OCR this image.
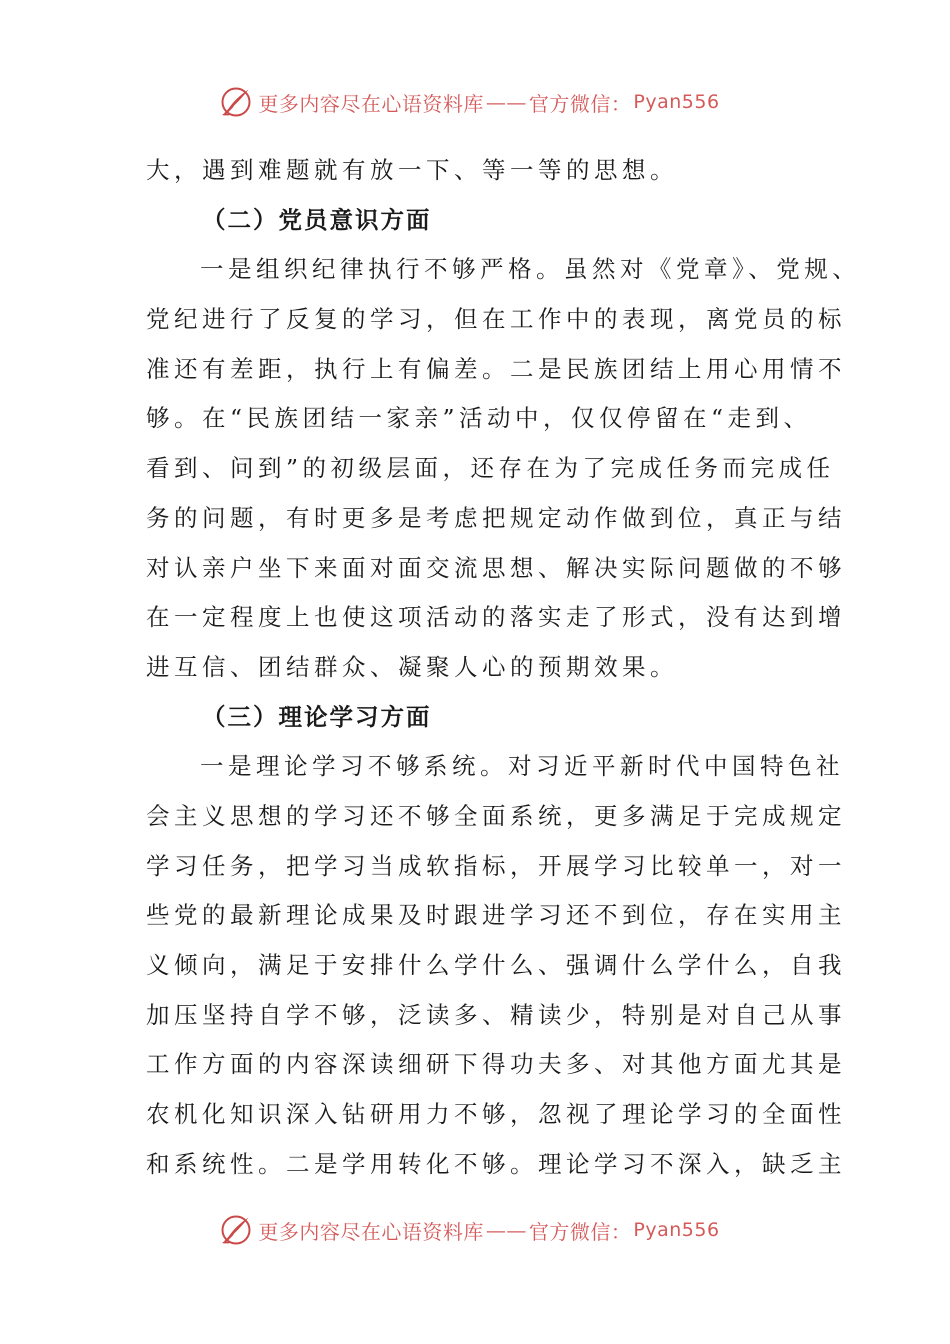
更多内容尽在心语资料库 —— 官方微信： Pyan556
大，遇到难题就有放一下、等一等的思想。
（二）党员意识方面
一是组织纪律执行不够严格。虽然对《党章》、党规、
党纪进行了反复的学习，但在工作中的表现，离党员的标
准还有差距，执行上有偏差。二是民族团结上用心用情不
够。在“民族团结一家亲”活动中，仅仅停留在“走到、
看到、问到”的初级层面，还存在为了完成任务而完成任
务的问题，有时更多是考虑把规定动作做到位，真正与结
对认亲户坐下来面对面交流思想、解决实际问题做的不够
在一定程度上也使这项活动的落实走了形式，没有达到增
进互信、团结群众、凝聚人心的预期效果。
（三）理论学习方面
一是理论学习不够系统。对习近平新时代中国特色社
会主义思想的学习还不够全面系统，更多满足于完成规定
学习任务，把学习当成软指标，开展学习比较单一，对一
些党的最新理论成果及时跟进学习还不到位，存在实用主
义倾向，满足于安排什么学什么、强调什么学什么，自我
加压坚持自学不够，泛读多、精读少，特别是对自己从事
工作方面的内容深读细研下得功夫多、对其他方面尤其是
农机化知识深入钻研用力不够，忽视了理论学习的全面性
和系统性。二是学用转化不够。理论学习不深入，缺乏主
更多内容尽在心语资料库 —— 官方微信： Pyan556
